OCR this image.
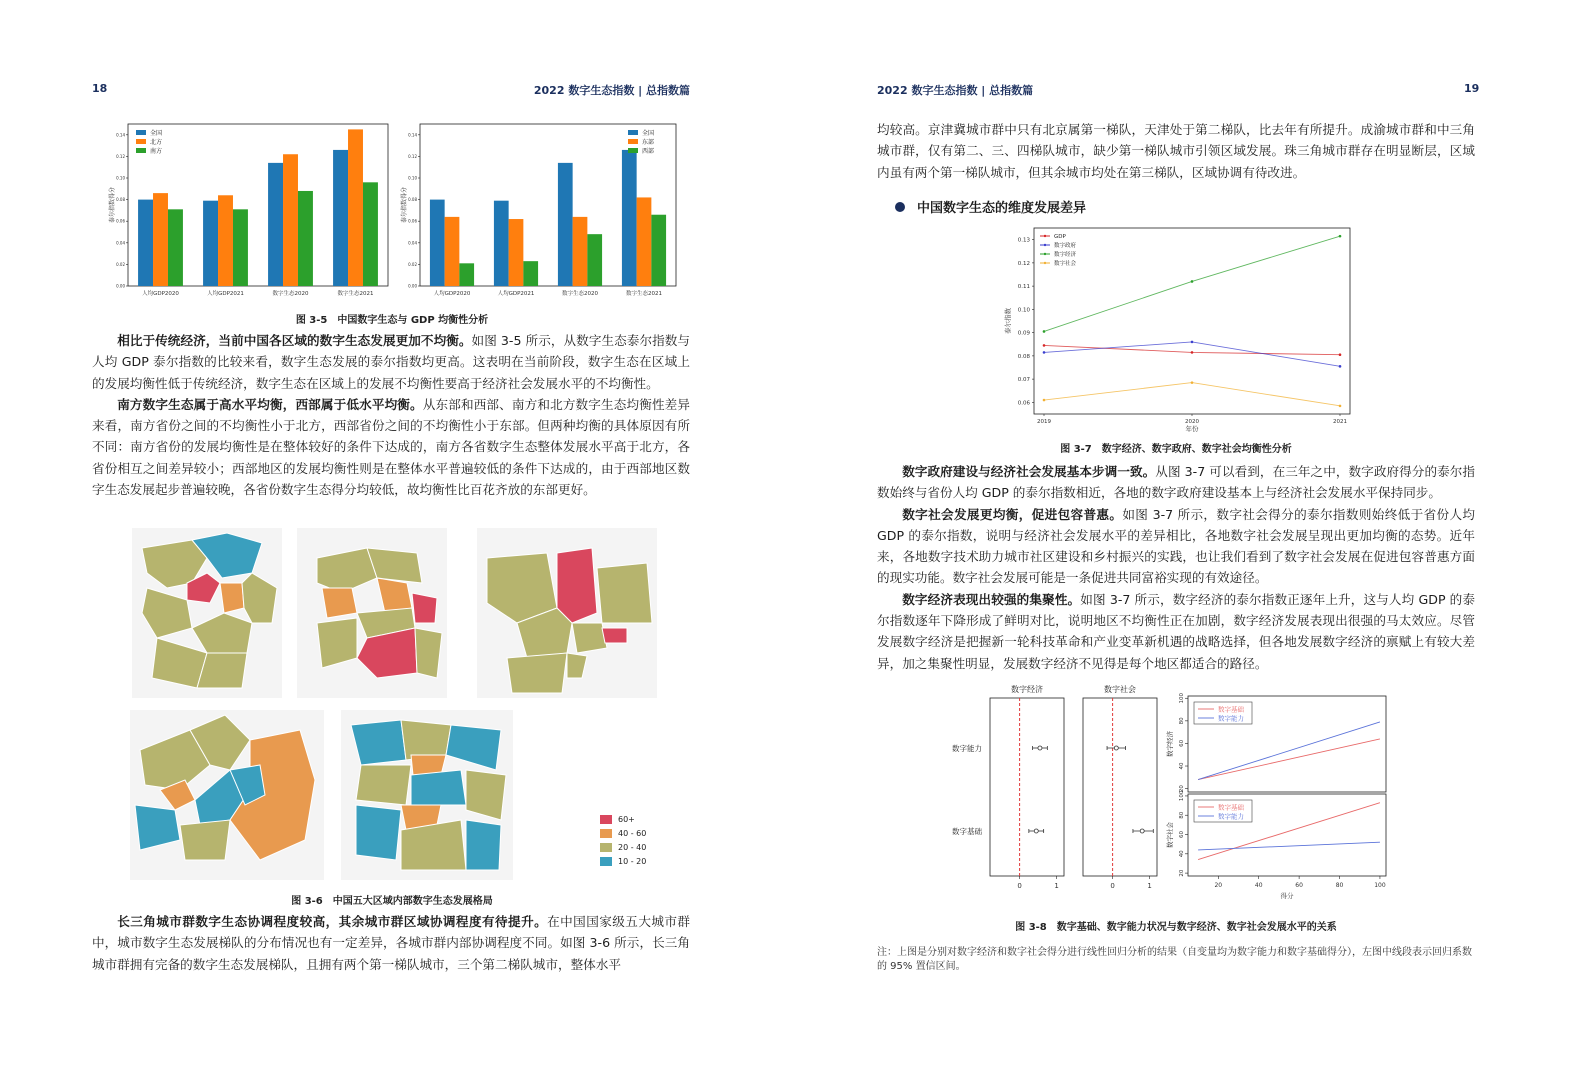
18	2022 数字生态指数 | 总指数篇
0.00
0.02
0.04
0.06
0.08
0.10
0.12
0.14
泰尔指数得分
人均GDP2020	人均GDP2021	数字生态2020	数字生态2021
全国
北方
南方
0.00
0.02
0.04
0.06
0.08
0.10
0.12
0.14
泰尔指数得分
人均GDP2020	人均GDP2021	数字生态2020	数字生态2021
全国
东部
西部
图 3-5　中国数字生态与 GDP 均衡性分析

相比于传统经济，当前中国各区域的数字生态发展更加不均衡。如图 3-5 所示，从数字生态泰尔指数与人均 GDP 泰尔指数的比较来看，数字生态发展的泰尔指数均更高。这表明在当前阶段，数字生态在区域上的发展均衡性低于传统经济，数字生态在区域上的发展不均衡性要高于经济社会发展水平的不均衡性。

南方数字生态属于高水平均衡，西部属于低水平均衡。从东部和西部、南方和北方数字生态均衡性差异来看，南方省份之间的不均衡性小于北方，西部省份之间的不均衡性小于东部。但两种均衡的具体原因有所不同：南方省份的发展均衡性是在整体较好的条件下达成的，南方各省数字生态整体发展水平高于北方，各省份相互之间差异较小；西部地区的发展均衡性则是在整体水平普遍较低的条件下达成的，由于西部地区数字生态发展起步普遍较晚，各省份数字生态得分均较低，故均衡性比百花齐放的东部更好。

60+
40 - 60
20 - 40
10 - 20
图 3-6　中国五大区域内部数字生态发展格局

长三角城市群数字生态协调程度较高，其余城市群区域协调程度有待提升。在中国国家级五大城市群中，城市数字生态发展梯队的分布情况也有一定差异，各城市群内部协调程度不同。如图 3-6 所示，长三角城市群拥有完备的数字生态发展梯队，且拥有两个第一梯队城市，三个第二梯队城市，整体水平

2022 数字生态指数 | 总指数篇	19

均较高。京津冀城市群中只有北京属第一梯队，天津处于第二梯队，比去年有所提升。成渝城市群和中三角城市群，仅有第二、三、四梯队城市，缺少第一梯队城市引领区域发展。珠三角城市群存在明显断层，区域内虽有两个第一梯队城市，但其余城市均处在第三梯队，区域协调有待改进。

中国数字生态的维度发展差异
0.06
0.07
0.08
0.09
0.10
0.11
0.12
0.13
2019	2020	2021
年份
泰尔指数
GDP
数字政府
数字经济
数字社会
图 3-7　数字经济、数字政府、数字社会均衡性分析

数字政府建设与经济社会发展基本步调一致。从图 3-7 可以看到，在三年之中，数字政府得分的泰尔指数始终与省份人均 GDP 的泰尔指数相近，各地的数字政府建设基本上与经济社会发展水平保持同步。

数字社会发展更均衡，促进包容普惠。如图 3-7 所示，数字社会得分的泰尔指数则始终低于省份人均 GDP 的泰尔指数，说明与经济社会发展水平的差异相比，各地数字社会发展呈现出更加均衡的态势。近年来，各地数字技术助力城市社区建设和乡村振兴的实践，也让我们看到了数字社会发展在促进包容普惠方面的现实功能。数字社会发展可能是一条促进共同富裕实现的有效途径。

数字经济表现出较强的集聚性。如图 3-7 所示，数字经济的泰尔指数正逐年上升，这与人均 GDP 的泰尔指数逐年下降形成了鲜明对比，说明地区不均衡性正在加剧，数字经济发展表现出很强的马太效应。尽管发展数字经济是把握新一轮科技革命和产业变革新机遇的战略选择，但各地发展数字经济的禀赋上有较大差异，加之集聚性明显，发展数字经济不见得是每个地区都适合的路径。

数字经济
0	1
数字能力
数字基础
数字社会
0	1
20
40
60
80
100
数字经济
数字基础
数字能力
20
40
60
80
100
数字社会
数字基础
数字能力
20	40	60	80	100
得分
图 3-8　数字基础、数字能力状况与数字经济、数字社会发展水平的关系
注：上图是分别对数字经济和数字社会得分进行线性回归分析的结果（自变量均为数字能力和数字基础得分），左图中线段表示回归系数的 95% 置信区间。
